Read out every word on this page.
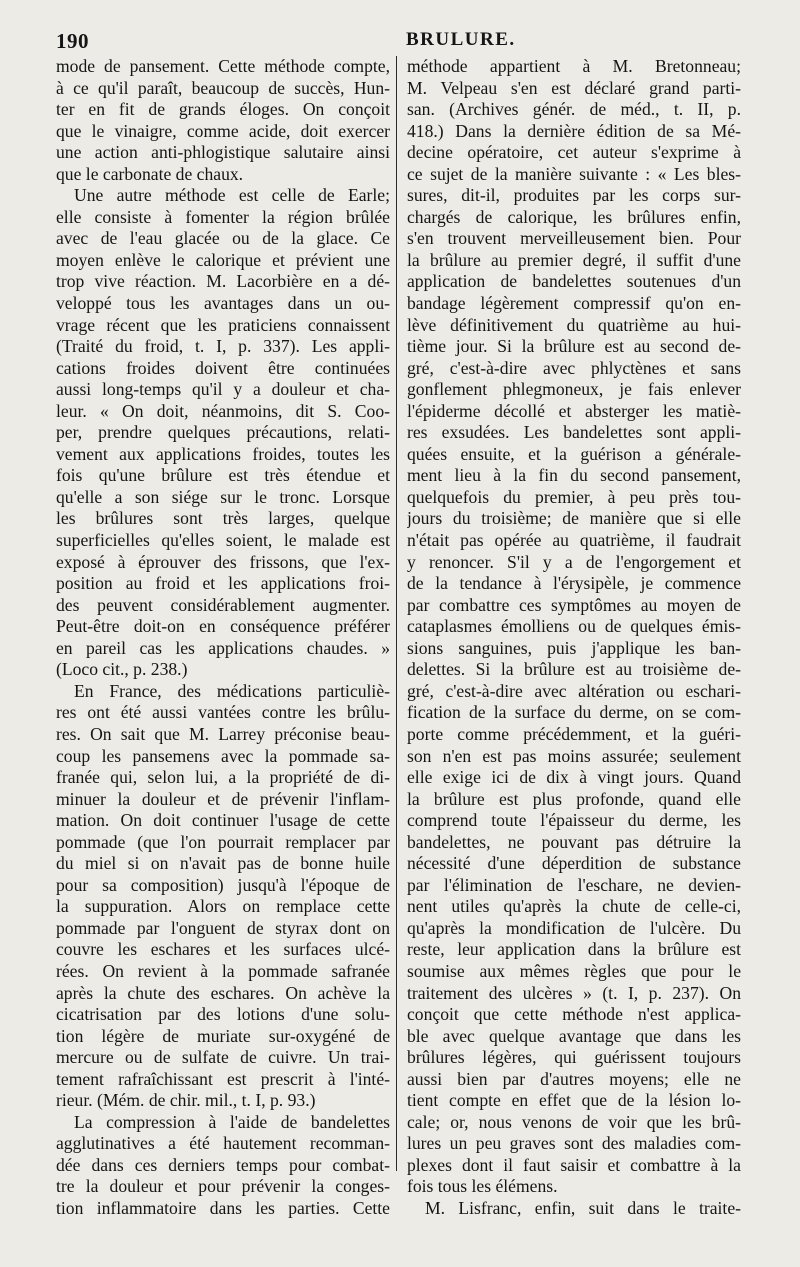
190	BRULURE.
mode de pansement. Cette méthode compte,
à ce qu'il paraît, beaucoup de succès, Hun-
ter en fit de grands éloges. On conçoit
que le vinaigre, comme acide, doit exercer
une action anti-phlogistique salutaire ainsi
que le carbonate de chaux.
Une autre méthode est celle de Earle;
elle consiste à fomenter la région brûlée
avec de l'eau glacée ou de la glace. Ce
moyen enlève le calorique et prévient une
trop vive réaction. M. Lacorbière en a dé-
veloppé tous les avantages dans un ou-
vrage récent que les praticiens connaissent
(Traité du froid, t. I, p. 337). Les appli-
cations froides doivent être continuées
aussi long-temps qu'il y a douleur et cha-
leur. « On doit, néanmoins, dit S. Coo-
per, prendre quelques précautions, relati-
vement aux applications froides, toutes les
fois qu'une brûlure est très étendue et
qu'elle a son siége sur le tronc. Lorsque
les brûlures sont très larges, quelque
superficielles qu'elles soient, le malade est
exposé à éprouver des frissons, que l'ex-
position au froid et les applications froi-
des peuvent considérablement augmenter.
Peut-être doit-on en conséquence préférer
en pareil cas les applications chaudes. »
(Loco cit., p. 238.)
En France, des médications particuliè-
res ont été aussi vantées contre les brûlu-
res. On sait que M. Larrey préconise beau-
coup les pansemens avec la pommade sa-
franée qui, selon lui, a la propriété de di-
minuer la douleur et de prévenir l'inflam-
mation. On doit continuer l'usage de cette
pommade (que l'on pourrait remplacer par
du miel si on n'avait pas de bonne huile
pour sa composition) jusqu'à l'époque de
la suppuration. Alors on remplace cette
pommade par l'onguent de styrax dont on
couvre les eschares et les surfaces ulcé-
rées. On revient à la pommade safranée
après la chute des eschares. On achève la
cicatrisation par des lotions d'une solu-
tion légère de muriate sur-oxygéné de
mercure ou de sulfate de cuivre. Un trai-
tement rafraîchissant est prescrit à l'inté-
rieur. (Mém. de chir. mil., t. I, p. 93.)
La compression à l'aide de bandelettes
agglutinatives a été hautement recomman-
dée dans ces derniers temps pour combat-
tre la douleur et pour prévenir la conges-
tion inflammatoire dans les parties. Cette
méthode appartient à M. Bretonneau;
M. Velpeau s'en est déclaré grand parti-
san. (Archives génér. de méd., t. II, p.
418.) Dans la dernière édition de sa Mé-
decine opératoire, cet auteur s'exprime à
ce sujet de la manière suivante : « Les bles-
sures, dit-il, produites par les corps sur-
chargés de calorique, les brûlures enfin,
s'en trouvent merveilleusement bien. Pour
la brûlure au premier degré, il suffit d'une
application de bandelettes soutenues d'un
bandage légèrement compressif qu'on en-
lève définitivement du quatrième au hui-
tième jour. Si la brûlure est au second de-
gré, c'est-à-dire avec phlyctènes et sans
gonflement phlegmoneux, je fais enlever
l'épiderme décollé et absterger les matiè-
res exsudées. Les bandelettes sont appli-
quées ensuite, et la guérison a générale-
ment lieu à la fin du second pansement,
quelquefois du premier, à peu près tou-
jours du troisième; de manière que si elle
n'était pas opérée au quatrième, il faudrait
y renoncer. S'il y a de l'engorgement et
de la tendance à l'érysipèle, je commence
par combattre ces symptômes au moyen de
cataplasmes émolliens ou de quelques émis-
sions sanguines, puis j'applique les ban-
delettes. Si la brûlure est au troisième de-
gré, c'est-à-dire avec altération ou eschari-
fication de la surface du derme, on se com-
porte comme précédemment, et la guéri-
son n'en est pas moins assurée; seulement
elle exige ici de dix à vingt jours. Quand
la brûlure est plus profonde, quand elle
comprend toute l'épaisseur du derme, les
bandelettes, ne pouvant pas détruire la
nécessité d'une déperdition de substance
par l'élimination de l'eschare, ne devien-
nent utiles qu'après la chute de celle-ci,
qu'après la mondification de l'ulcère. Du
reste, leur application dans la brûlure est
soumise aux mêmes règles que pour le
traitement des ulcères » (t. I, p. 237). On
conçoit que cette méthode n'est applica-
ble avec quelque avantage que dans les
brûlures légères, qui guérissent toujours
aussi bien par d'autres moyens; elle ne
tient compte en effet que de la lésion lo-
cale; or, nous venons de voir que les brû-
lures un peu graves sont des maladies com-
plexes dont il faut saisir et combattre à la
fois tous les élémens.
M. Lisfranc, enfin, suit dans le traite-
